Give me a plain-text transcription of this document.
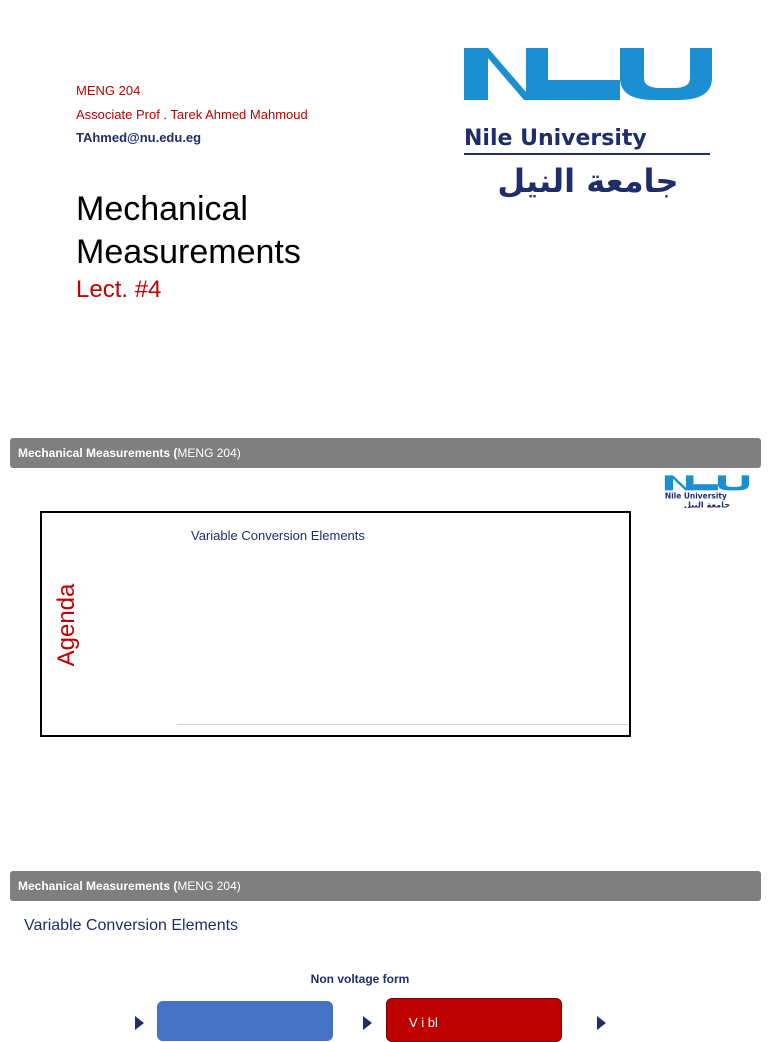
MENG 204
Associate Prof . Tarek Ahmed Mahmoud
TAhmed@nu.edu.eg
Mechanical
Measurements
Lect. #4
Nile University
جامعة النيل
Mechanical Measurements (MENG 204)
Nile University
جامعة النيل
Agenda
Variable Conversion Elements
Mechanical Measurements (MENG 204)
Variable Conversion Elements
Non voltage form
V i bl
